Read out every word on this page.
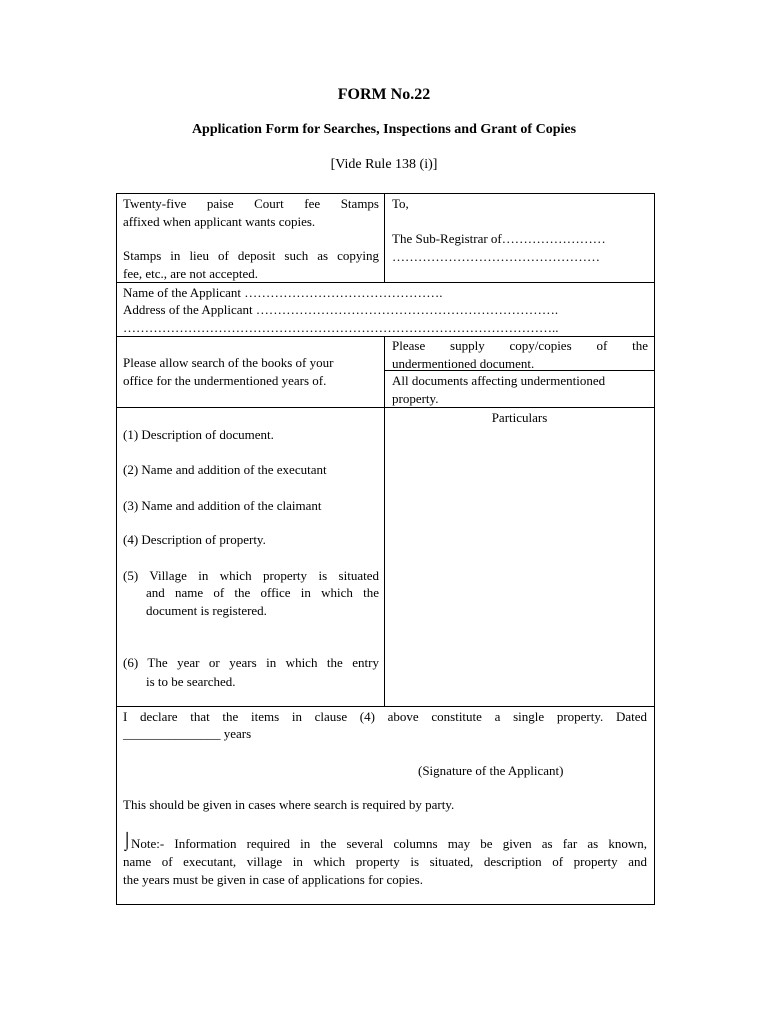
FORM No.22
Application Form for Searches, Inspections and Grant of Copies
[Vide Rule 138 (i)]
Twenty-five paise Court fee Stamps
affixed when applicant wants copies.
Stamps in lieu of deposit such as copying
fee, etc., are not accepted.
To,
The Sub-Registrar of……………………
…………………………………………
Name of the Applicant ……………………………………….
Address of the Applicant …………………………………………………………….
………………………………………………………………………………………..
Please allow search of the books of your
office for the undermentioned years of.
Please supply copy/copies of the
undermentioned document.
All documents affecting undermentioned
property.
Particulars
(1) Description of document.
(2) Name and addition of the executant
(3) Name and addition of the claimant
(4) Description of property.
(5) Village in which property is situated
and name of the office in which the
document is registered.
(6) The year or years in which the entry
is to be searched.
I declare that the items in clause (4) above constitute a single property. Dated
_______________ years
(Signature of the Applicant)
This should be given in cases where search is required by party.
⌡
Note:- Information required in the several columns may be given as far as known,
name of executant, village in which property is situated, description of property and
the years must be given in case of applications for copies.
